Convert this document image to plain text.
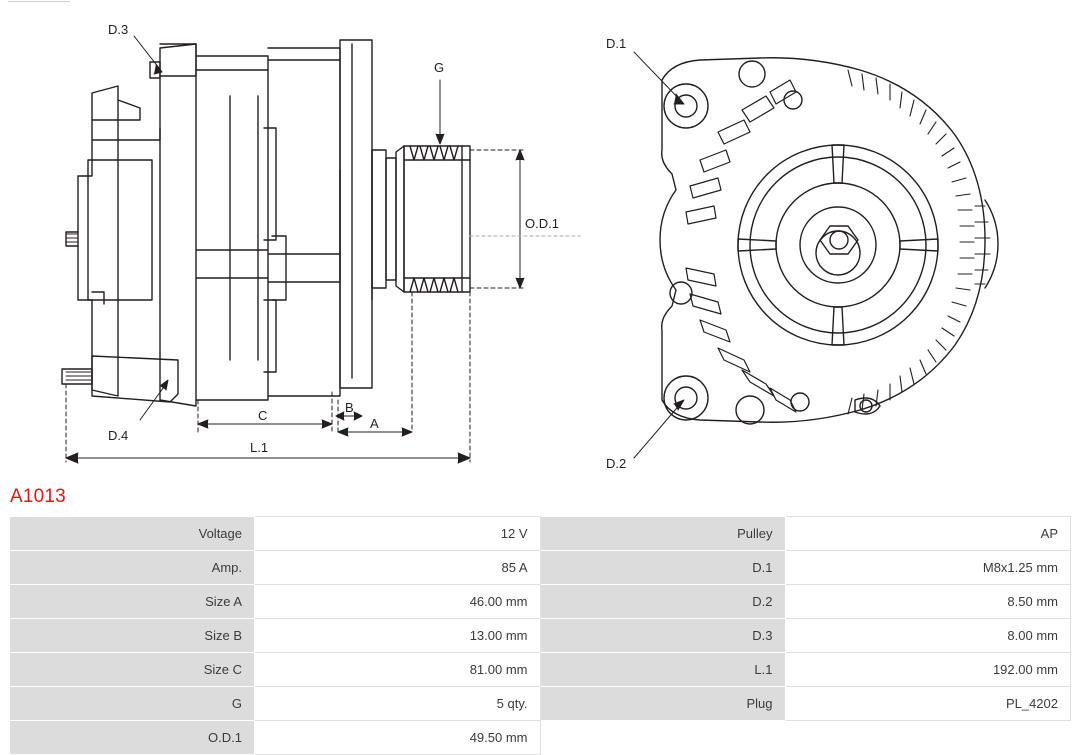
D.3
G
O.D.1
D.4
C
B
A
L.1
D.1
D.2
A1013
Voltage	12 V	Pulley	AP
Amp.	85 A	D.1	M8x1.25 mm
Size A	46.00 mm	D.2	8.50 mm
Size B	13.00 mm	D.3	8.00 mm
Size C	81.00 mm	L.1	192.00 mm
G	5 qty.	Plug	PL_4202
O.D.1	49.50 mm		
